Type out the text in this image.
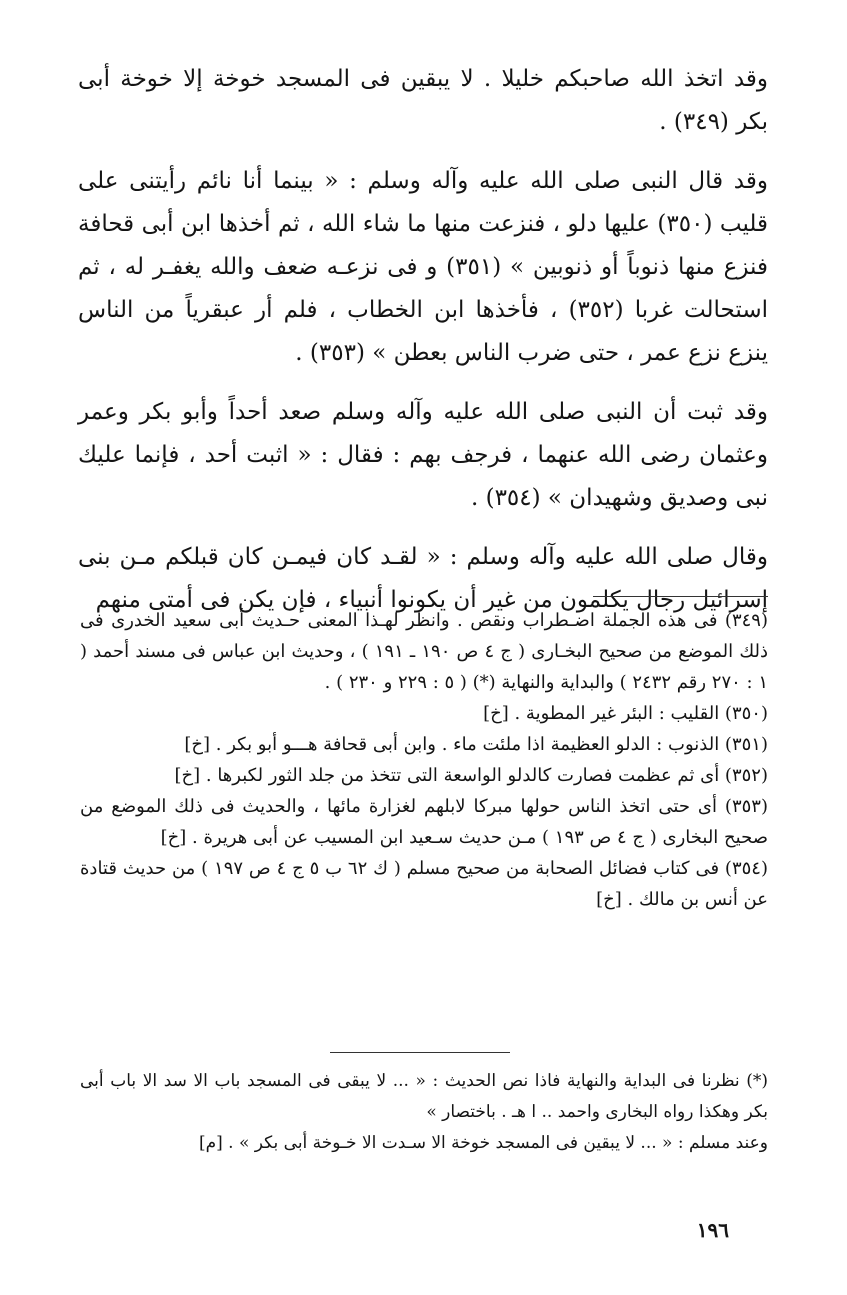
وقد اتخذ الله صاحبكم خليلا . لا يبقين فى المسجد خوخة إلا خوخة أبى بكر (٣٤٩) .

وقد قال النبى صلى الله عليه وآله وسلم : « بينما أنا نائم رأيتنى على قليب (٣٥٠) عليها دلو ، فنزعت منها ما شاء الله ، ثم أخذها ابن أبى قحافة فنزع منها ذنوباً أو ذنوبين » (٣٥١) و فى نزعـه ضعف والله يغفـر له ، ثم استحالت غربا (٣٥٢) ، فأخذها ابن الخطاب ، فلم أر عبقرياً من الناس ينزع نزع عمر ، حتى ضرب الناس بعطن » (٣٥٣) .

وقد ثبت أن النبى صلى الله عليه وآله وسلم صعد أحداً وأبو بكر وعمر وعثمان رضى الله عنهما ، فرجف بهم : فقال : « اثبت أحد ، فإنما عليك نبى وصديق وشهيدان » (٣٥٤) .

وقال صلى الله عليه وآله وسلم : « لقـد كان فيمـن كان قبلكم مـن بنى إسرائيل رجال يكلمون من غير أن يكونوا أنبياء ، فإن يكن فى أمتى منهم

(٣٤٩) فى هذه الجملة اضـطراب ونقص . وانظر لهـذا المعنى حـديث أبى سعيد الخدرى فى ذلك الموضع من صحيح البخـارى ( ج ٤ ص ١٩٠ ـ ١٩١ ) ، وحديث ابن عباس فى مسند أحمد ( ١ : ٢٧٠ رقم ٢٤٣٢ ) والبداية والنهاية (*) ( ٥ : ٢٢٩ و ٢٣٠ ) .

(٣٥٠) القليب : البئر غير المطوية . [خ]

(٣٥١) الذنوب : الدلو العظيمة اذا ملئت ماء . وابن أبى قحافة هـــو أبو بكر . [خ]

(٣٥٢) أى ثم عظمت فصارت كالدلو الواسعة التى تتخذ من جلد الثور لكبرها . [خ]

(٣٥٣) أى حتى اتخذ الناس حولها مبركا لابلهم لغزارة مائها ، والحديث فى ذلك الموضع من صحيح البخارى ( ج ٤ ص ١٩٣ ) مـن حديث سـعيد ابن المسيب عن أبى هريرة . [خ]

(٣٥٤) فى كتاب فضائل الصحابة من صحيح مسلم ( ك ٦٢ ب ٥ ج ٤ ص ١٩٧ ) من حديث قتادة عن أنس بن مالك . [خ]

(*) نظرنا فى البداية والنهاية فاذا نص الحديث : « ... لا يبقى فى المسجد باب الا سد الا باب أبى بكر وهكذا رواه البخارى واحمد .. ا هـ . باختصار »

وعند مسلم : « ... لا يبقين فى المسجد خوخة الا سـدت الا خـوخة أبى بكر » . [م]

١٩٦
